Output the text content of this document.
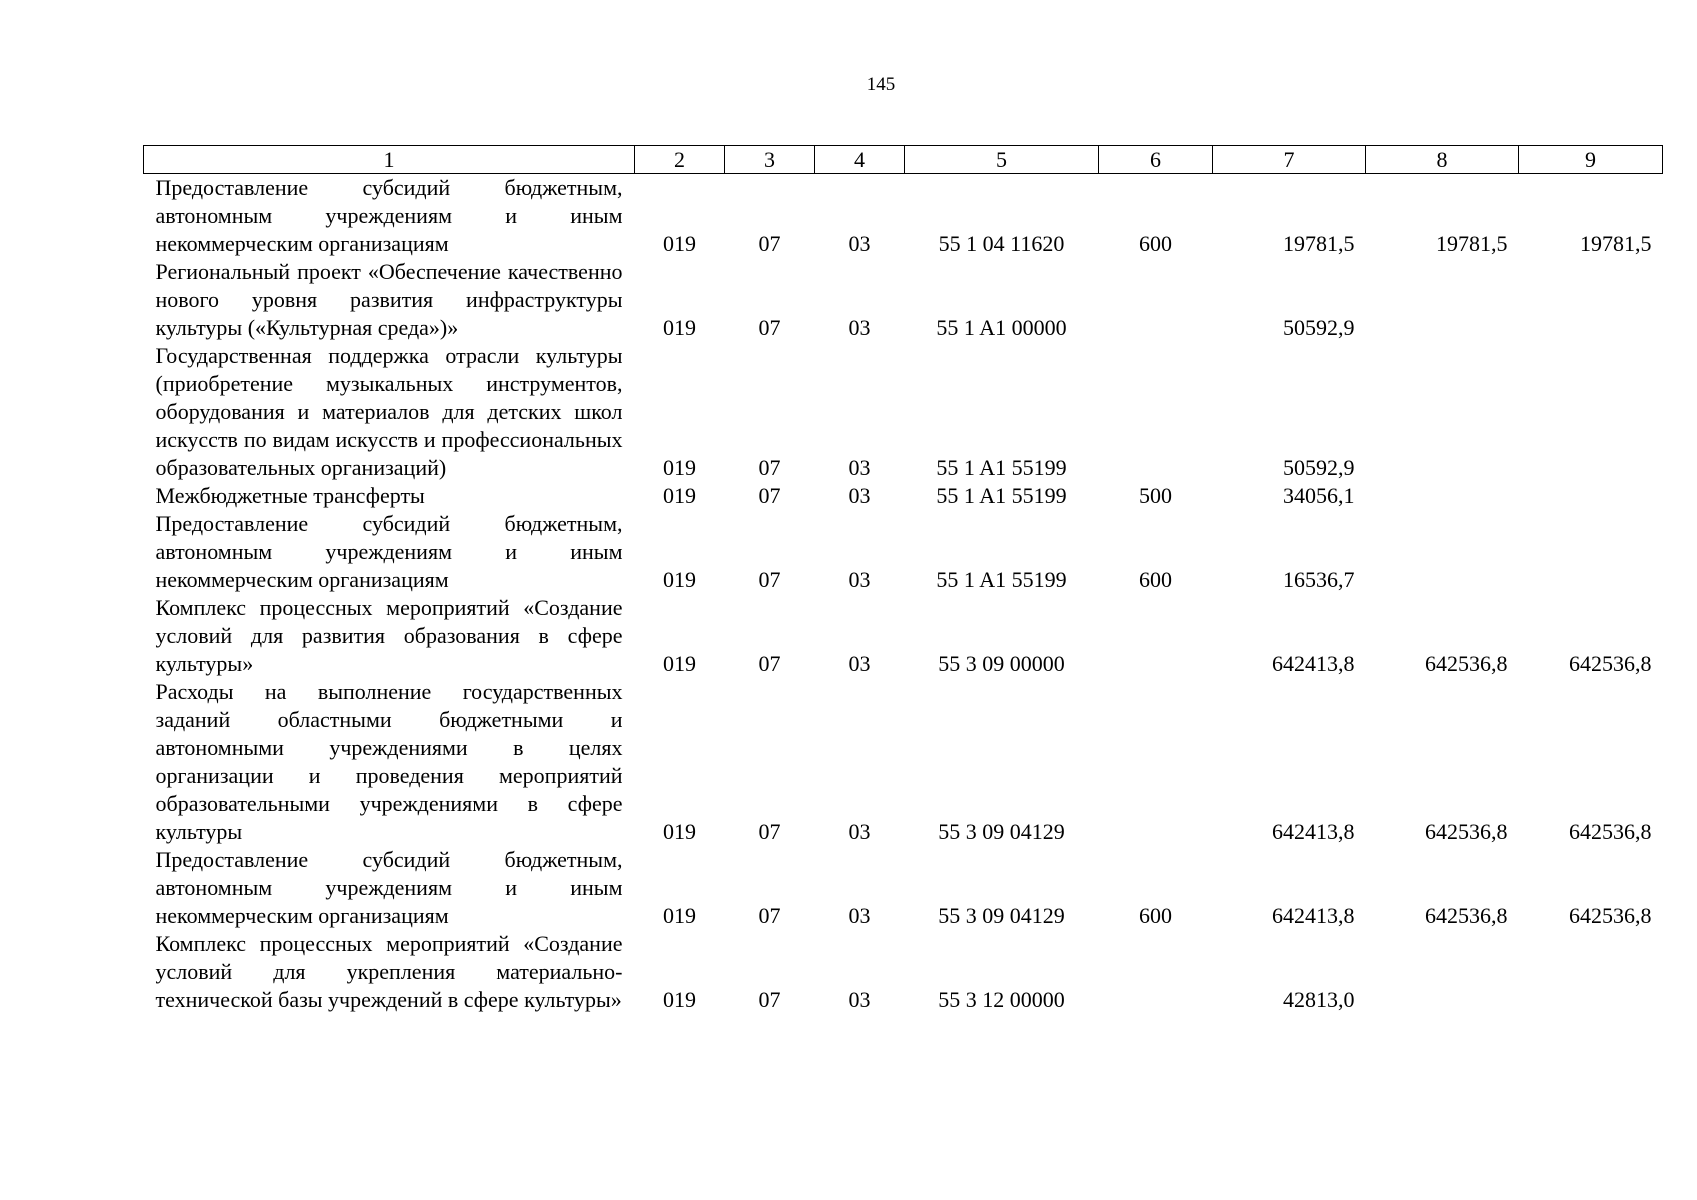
145
1	2	3	4	5	6	7	8	9
Предоставление субсидий бюджетным, автономным учреждениям и иным некоммерческим организациям	019	07	03	55 1 04 11620	600	19781,5	19781,5	19781,5
Региональный проект «Обеспечение качественно нового уровня развития инфраструктуры культуры («Культурная среда»)»	019	07	03	55 1 A1 00000		50592,9		
Государственная поддержка отрасли культуры (приобретение музыкальных инструментов, оборудования и материалов для детских школ искусств по видам искусств и профессиональных образовательных организаций)	019	07	03	55 1 A1 55199		50592,9		
Межбюджетные трансферты	019	07	03	55 1 A1 55199	500	34056,1		
Предоставление субсидий бюджетным, автономным учреждениям и иным некоммерческим организациям	019	07	03	55 1 A1 55199	600	16536,7		
Комплекс процессных мероприятий «Создание условий для развития образования в сфере культуры»	019	07	03	55 3 09 00000		642413,8	642536,8	642536,8
Расходы на выполнение государственных заданий областными бюджетными и автономными учреждениями в целях организации и проведения мероприятий образовательными учреждениями в сфере культуры	019	07	03	55 3 09 04129		642413,8	642536,8	642536,8
Предоставление субсидий бюджетным, автономным учреждениям и иным некоммерческим организациям	019	07	03	55 3 09 04129	600	642413,8	642536,8	642536,8
Комплекс процессных мероприятий «Создание условий для укрепления материально-технической базы учреждений в сфере культуры»	019	07	03	55 3 12 00000		42813,0		
